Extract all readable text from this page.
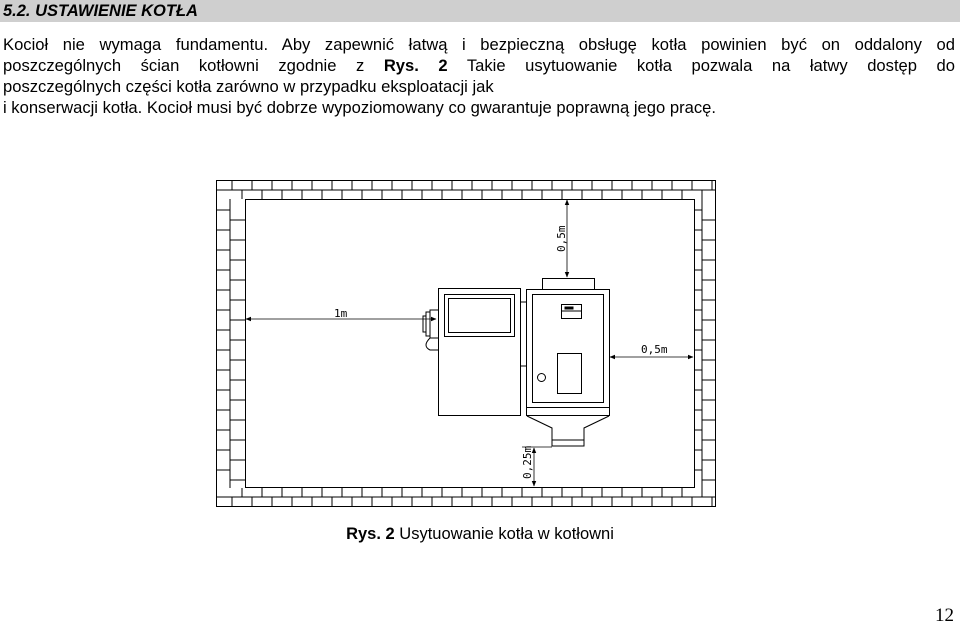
5.2. USTAWIENIE KOTŁA
Kocioł nie wymaga fundamentu. Aby zapewnić łatwą i bezpieczną obsługę kotła powinien być on oddalony od
poszczególnych ścian kotłowni zgodnie z Rys. 2 Takie usytuowanie kotła pozwala na łatwy dostęp do
poszczególnych części kotła zarówno w przypadku eksploatacji jak
i konserwacji kotła. Kocioł musi być dobrze wypoziomowany co gwarantuje poprawną jego pracę.
0,5m
1m
0,5m
0,25m
Rys. 2 Usytuowanie kotła w kotłowni
12
